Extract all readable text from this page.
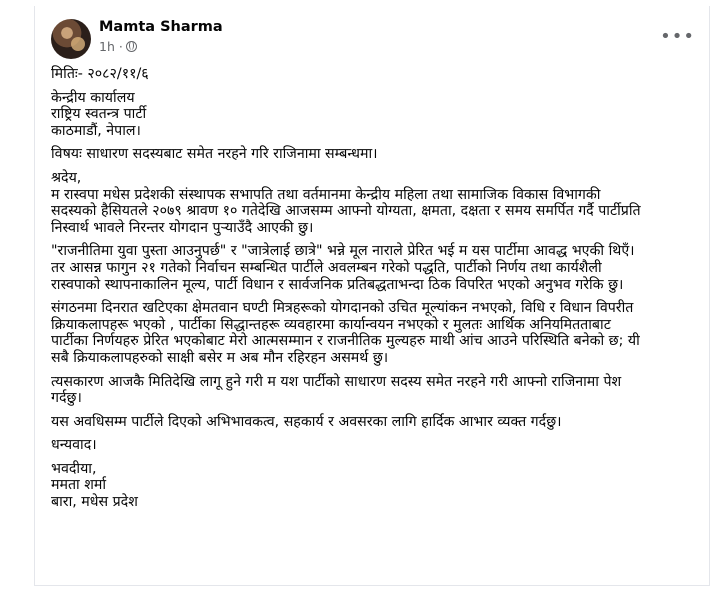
Mamta Sharma
1h ·	•••

मितिः- २०८२/११/६

केन्द्रीय कार्यालय
राष्ट्रिय स्वतन्त्र पार्टी
काठमाडौं, नेपाल।

विषयः साधारण सदस्यबाट समेत नरहने गरि राजिनामा सम्बन्धमा।

श्रदेय,
म रास्वपा मधेस प्रदेशकी संस्थापक सभापति तथा वर्तमानमा केन्द्रीय महिला तथा सामाजिक विकास विभागकी
सदस्यको हैसियतले २०७९ श्रावण १० गतेदेखि आजसम्म आफ्नो योग्यता, क्षमता, दक्षता र समय समर्पित गर्दै पार्टीप्रति
निस्वार्थ भावले निरन्तर योगदान पुर्‍याउँदै आएकी छु।

"राजनीतिमा युवा पुस्ता आउनुपर्छ" र "जात्रेलाई छात्रे" भन्ने मूल नाराले प्रेरित भई म यस पार्टीमा आवद्ध भएकी थिएँ।
तर आसन्न फागुन २१ गतेको निर्वाचन सम्बन्धित पार्टीले अवलम्बन गरेको पद्धति, पार्टीको निर्णय तथा कार्यशैली
रास्वपाको स्थापनाकालिन मूल्य, पार्टी विधान र सार्वजनिक प्रतिबद्धताभन्दा ठिक विपरित भएको अनुभव गरेकि छु।

संगठनमा दिनरात खटिएका क्षेमतवान घण्टी मित्रहरूको योगदानको उचित मूल्यांकन नभएको, विधि र विधान विपरीत
क्रियाकलापहरू भएको , पार्टीका सिद्धान्तहरू व्यवहारमा कार्यान्वयन नभएको र मुलतः आर्थिक अनियमितताबाट
पार्टीका निर्णयहरु प्रेरित भएकोबाट मेरो आत्मसम्मान र राजनीतिक मुल्यहरु माथी आंच आउने परिस्थिति बनेको छ; यी
सबै क्रियाकलापहरुको साक्षी बसेर म अब मौन रहिरहन असमर्थ छु।

त्यसकारण आजकै मितिदेखि लागू हुने गरी म यश पार्टीको साधारण सदस्य समेत नरहने गरी आफ्नो राजिनामा पेश
गर्दछु।

यस अवधिसम्म पार्टीले दिएको अभिभावकत्व, सहकार्य र अवसरका लागि हार्दिक आभार व्यक्त गर्दछु।

धन्यवाद।

भवदीया,
ममता शर्मा
बारा, मधेस प्रदेश
